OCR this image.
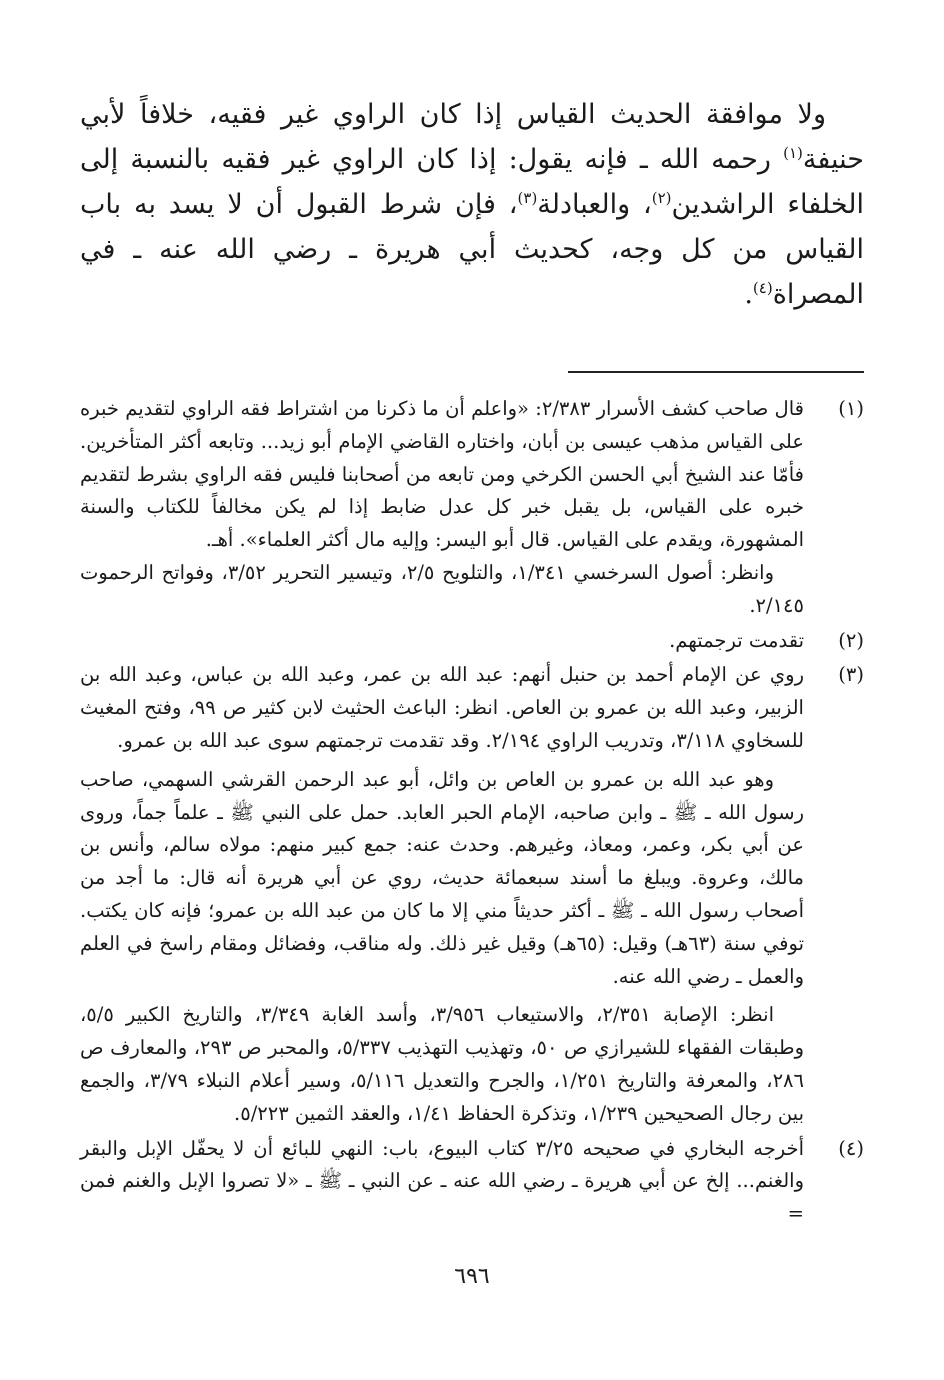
ولا موافقة الحديث القياس إذا كان الراوي غير فقيه، خلافاً لأبي حنيفة$^{(١)}$ رحمه الله ـ فإنه يقول: إذا كان الراوي غير فقيه بالنسبة إلى الخلفاء الراشدين$^{(٢)}$، والعبادلة$^{(٣)}$، فإن شرط القبول أن لا يسد به باب القياس من كل وجه، كحديث أبي هريرة ـ رضي الله عنه ـ في المصراة$^{(٤)}$.

(١)

قال صاحب كشف الأسرار ٢/٣٨٣: «واعلم أن ما ذكرنا من اشتراط فقه الراوي لتقديم خبره على القياس مذهب عيسى بن أبان، واختاره القاضي الإمام أبو زيد... وتابعه أكثر المتأخرين. فأمّا عند الشيخ أبي الحسن الكرخي ومن تابعه من أصحابنا فليس فقه الراوي بشرط لتقديم خبره على القياس، بل يقبل خبر كل عدل ضابط إذا لم يكن مخالفاً للكتاب والسنة المشهورة، ويقدم على القياس. قال أبو اليسر: وإليه مال أكثر العلماء». أهـ.

وانظر: أصول السرخسي ١/٣٤١، والتلويح ٢/٥، وتيسير التحرير ٣/٥٢، وفواتح الرحموت ٢/١٤٥.

(٢)

تقدمت ترجمتهم.

(٣)

روي عن الإمام أحمد بن حنبل أنهم: عبد الله بن عمر، وعبد الله بن عباس، وعبد الله بن الزبير، وعبد الله بن عمرو بن العاص. انظر: الباعث الحثيث لابن كثير ص ٩٩، وفتح المغيث للسخاوي ٣/١١٨، وتدريب الراوي ٢/١٩٤. وقد تقدمت ترجمتهم سوى عبد الله بن عمرو.

وهو عبد الله بن عمرو بن العاص بن وائل، أبو عبد الرحمن القرشي السهمي، صاحب رسول الله ـ ﷺ ـ وابن صاحبه، الإمام الحبر العابد. حمل على النبي ﷺ ـ علماً جماً، وروى عن أبي بكر، وعمر، ومعاذ، وغيرهم. وحدث عنه: جمع كبير منهم: مولاه سالم، وأنس بن مالك، وعروة. ويبلغ ما أسند سبعمائة حديث، روي عن أبي هريرة أنه قال: ما أجد من أصحاب رسول الله ـ ﷺ ـ أكثر حديثاً مني إلا ما كان من عبد الله بن عمرو؛ فإنه كان يكتب. توفي سنة (٦٣هـ) وقيل: (٦٥هـ) وقيل غير ذلك. وله مناقب، وفضائل ومقام راسخ في العلم والعمل ـ رضي الله عنه.

انظر: الإصابة ٢/٣٥١، والاستيعاب ٣/٩٥٦، وأسد الغابة ٣/٣٤٩، والتاريخ الكبير ٥/٥، وطبقات الفقهاء للشيرازي ص ٥٠، وتهذيب التهذيب ٥/٣٣٧، والمحبر ص ٢٩٣، والمعارف ص ٢٨٦، والمعرفة والتاريخ ١/٢٥١، والجرح والتعديل ٥/١١٦، وسير أعلام النبلاء ٣/٧٩، والجمع بين رجال الصحيحين ١/٢٣٩، وتذكرة الحفاظ ١/٤١، والعقد الثمين ٥/٢٢٣.

(٤)

أخرجه البخاري في صحيحه ٣/٢٥ كتاب البيوع، باب: النهي للبائع أن لا يحفّل الإبل والبقر والغنم... إلخ عن أبي هريرة ـ رضي الله عنه ـ عن النبي ـ ﷺ ـ «لا تصروا الإبل والغنم فمن =

٦٩٦
